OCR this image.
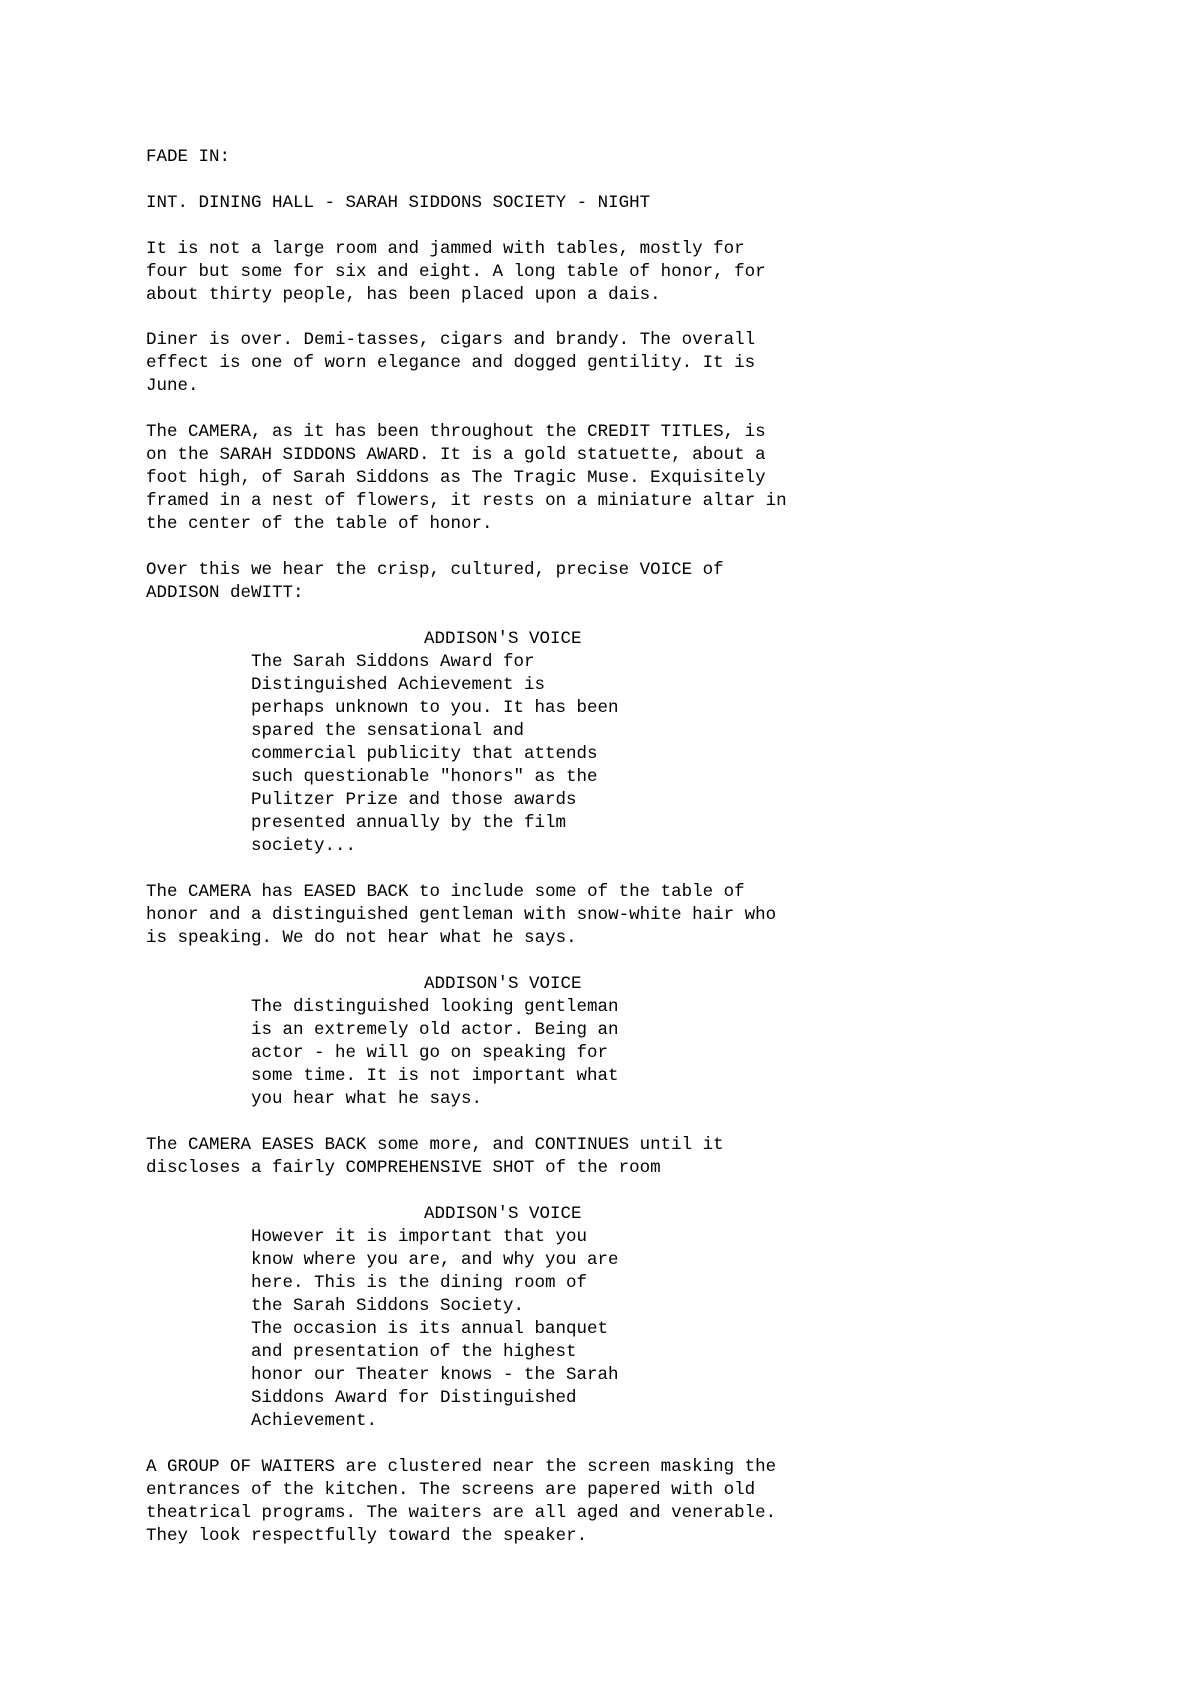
FADE IN:

INT. DINING HALL - SARAH SIDDONS SOCIETY - NIGHT

It is not a large room and jammed with tables, mostly for
four but some for six and eight. A long table of honor, for
about thirty people, has been placed upon a dais.

Diner is over. Demi-tasses, cigars and brandy. The overall
effect is one of worn elegance and dogged gentility. It is
June.

The CAMERA, as it has been throughout the CREDIT TITLES, is
on the SARAH SIDDONS AWARD. It is a gold statuette, about a
foot high, of Sarah Siddons as The Tragic Muse. Exquisitely
framed in a nest of flowers, it rests on a miniature altar in
the center of the table of honor.

Over this we hear the crisp, cultured, precise VOICE of
ADDISON deWITT:

ADDISON'S VOICE

The Sarah Siddons Award for
Distinguished Achievement is
perhaps unknown to you. It has been
spared the sensational and
commercial publicity that attends
such questionable "honors" as the
Pulitzer Prize and those awards
presented annually by the film
society...

The CAMERA has EASED BACK to include some of the table of
honor and a distinguished gentleman with snow-white hair who
is speaking. We do not hear what he says.

ADDISON'S VOICE

The distinguished looking gentleman
is an extremely old actor. Being an
actor - he will go on speaking for
some time. It is not important what
you hear what he says.

The CAMERA EASES BACK some more, and CONTINUES until it
discloses a fairly COMPREHENSIVE SHOT of the room

ADDISON'S VOICE

However it is important that you
know where you are, and why you are
here. This is the dining room of
the Sarah Siddons Society.
The occasion is its annual banquet
and presentation of the highest
honor our Theater knows - the Sarah
Siddons Award for Distinguished
Achievement.

A GROUP OF WAITERS are clustered near the screen masking the
entrances of the kitchen. The screens are papered with old
theatrical programs. The waiters are all aged and venerable.
They look respectfully toward the speaker.
